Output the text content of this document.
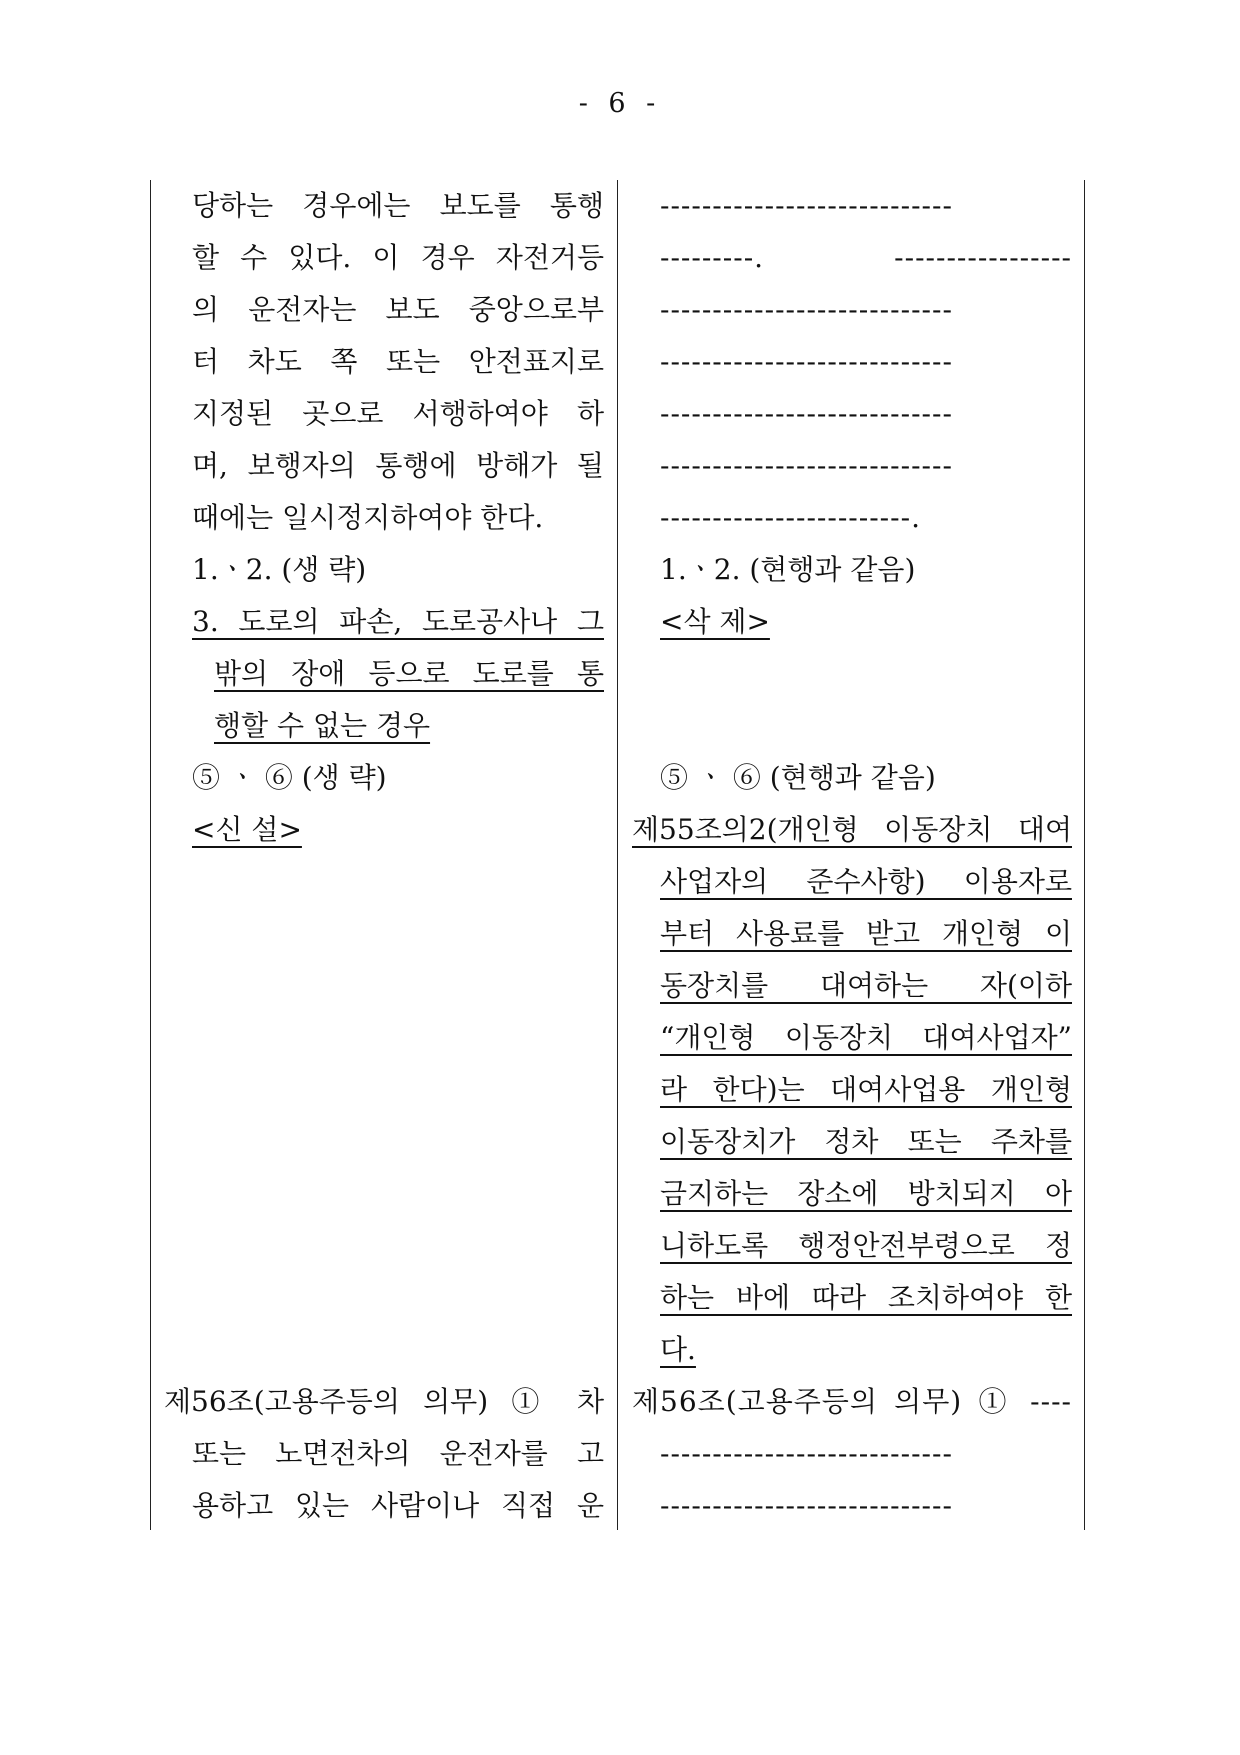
- 6 -
당하는 경우에는 보도를 통행
할 수 있다. 이 경우 자전거등
의 운전자는 보도 중앙으로부
터 차도 쪽 또는 안전표지로
지정된 곳으로 서행하여야 하
며, 보행자의 통행에 방해가 될
때에는 일시정지하여야 한다.
1.ㆍ2. (생 략)
3. 도로의 파손, 도로공사나 그
밖의 장애 등으로 도로를 통
행할 수 없는 경우
⑤ ㆍ ⑥ (생 략)
<신 설>
제56조(고용주등의 의무) ① 차
또는 노면전차의 운전자를 고
용하고 있는 사람이나 직접 운
----------------------------
---------. -----------------
----------------------------
----------------------------
----------------------------
----------------------------
------------------------.
1.ㆍ2. (현행과 같음)
<삭 제>
⑤ ㆍ ⑥ (현행과 같음)
제55조의2(개인형 이동장치 대여
사업자의 준수사항) 이용자로
부터 사용료를 받고 개인형 이
동장치를 대여하는 자(이하
“개인형 이동장치 대여사업자”
라 한다)는 대여사업용 개인형
이동장치가 정차 또는 주차를
금지하는 장소에 방치되지 아
니하도록 행정안전부령으로 정
하는 바에 따라 조치하여야 한
다.
제56조(고용주등의 의무) ① ----
----------------------------
----------------------------
